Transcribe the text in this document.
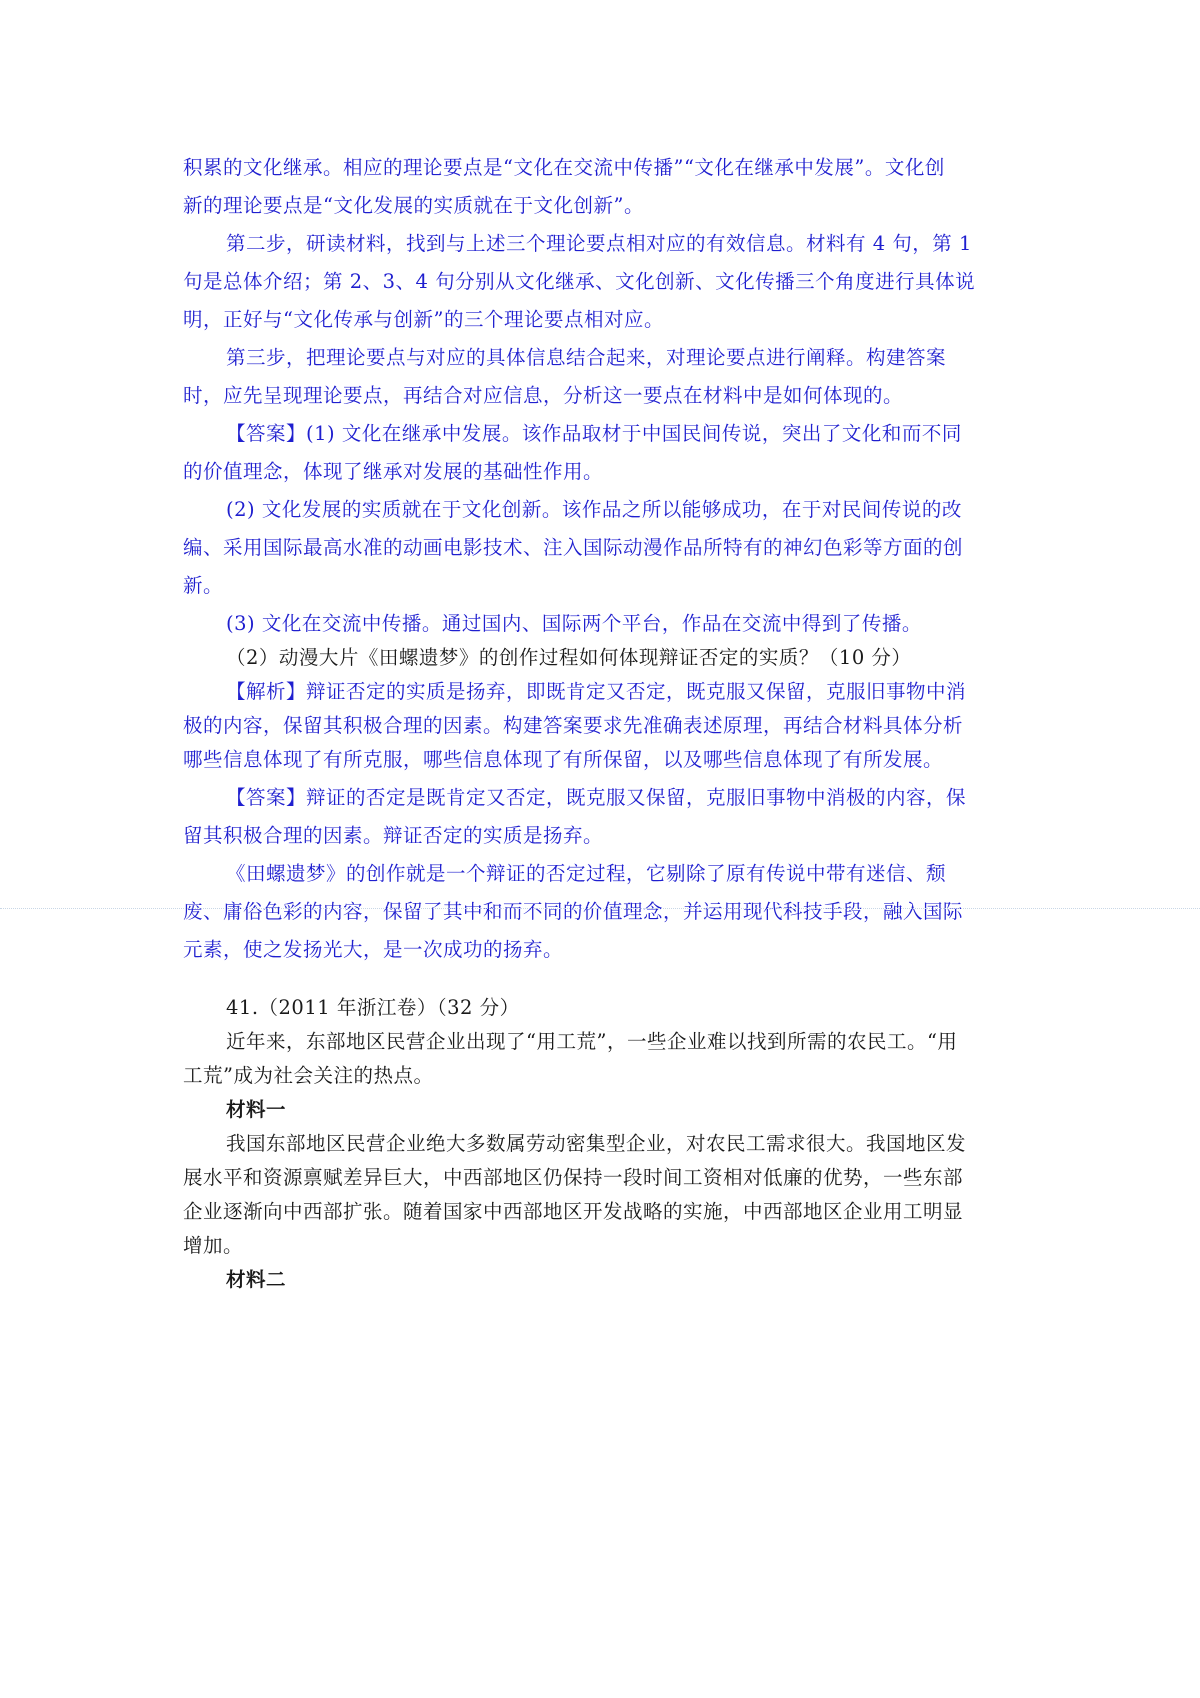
积累的文化继承。相应的理论要点是“文化在交流中传播”“文化在继承中发展”。文化创
新的理论要点是“文化发展的实质就在于文化创新”。
第二步，研读材料，找到与上述三个理论要点相对应的有效信息。材料有 4 句，第 1
句是总体介绍；第 2、3、4 句分别从文化继承、文化创新、文化传播三个角度进行具体说
明，正好与“文化传承与创新”的三个理论要点相对应。
第三步，把理论要点与对应的具体信息结合起来，对理论要点进行阐释。构建答案
时，应先呈现理论要点，再结合对应信息，分析这一要点在材料中是如何体现的。
【答案】(1) 文化在继承中发展。该作品取材于中国民间传说，突出了文化和而不同
的价值理念，体现了继承对发展的基础性作用。
(2) 文化发展的实质就在于文化创新。该作品之所以能够成功，在于对民间传说的改
编、采用国际最高水准的动画电影技术、注入国际动漫作品所特有的神幻色彩等方面的创
新。
(3) 文化在交流中传播。通过国内、国际两个平台，作品在交流中得到了传播。
（2）动漫大片《田螺遗梦》的创作过程如何体现辩证否定的实质？（10 分）
【解析】辩证否定的实质是扬弃，即既肯定又否定，既克服又保留，克服旧事物中消
极的内容，保留其积极合理的因素。构建答案要求先准确表述原理，再结合材料具体分析
哪些信息体现了有所克服，哪些信息体现了有所保留，以及哪些信息体现了有所发展。
【答案】辩证的否定是既肯定又否定，既克服又保留，克服旧事物中消极的内容，保
留其积极合理的因素。辩证否定的实质是扬弃。
《田螺遗梦》的创作就是一个辩证的否定过程，它剔除了原有传说中带有迷信、颓
废、庸俗色彩的内容，保留了其中和而不同的价值理念，并运用现代科技手段，融入国际
元素，使之发扬光大，是一次成功的扬弃。
41.（2011 年浙江卷）（32 分）
近年来，东部地区民营企业出现了“用工荒”，一些企业难以找到所需的农民工。“用
工荒”成为社会关注的热点。
材料一
我国东部地区民营企业绝大多数属劳动密集型企业，对农民工需求很大。我国地区发
展水平和资源禀赋差异巨大，中西部地区仍保持一段时间工资相对低廉的优势，一些东部
企业逐渐向中西部扩张。随着国家中西部地区开发战略的实施，中西部地区企业用工明显
增加。
材料二
